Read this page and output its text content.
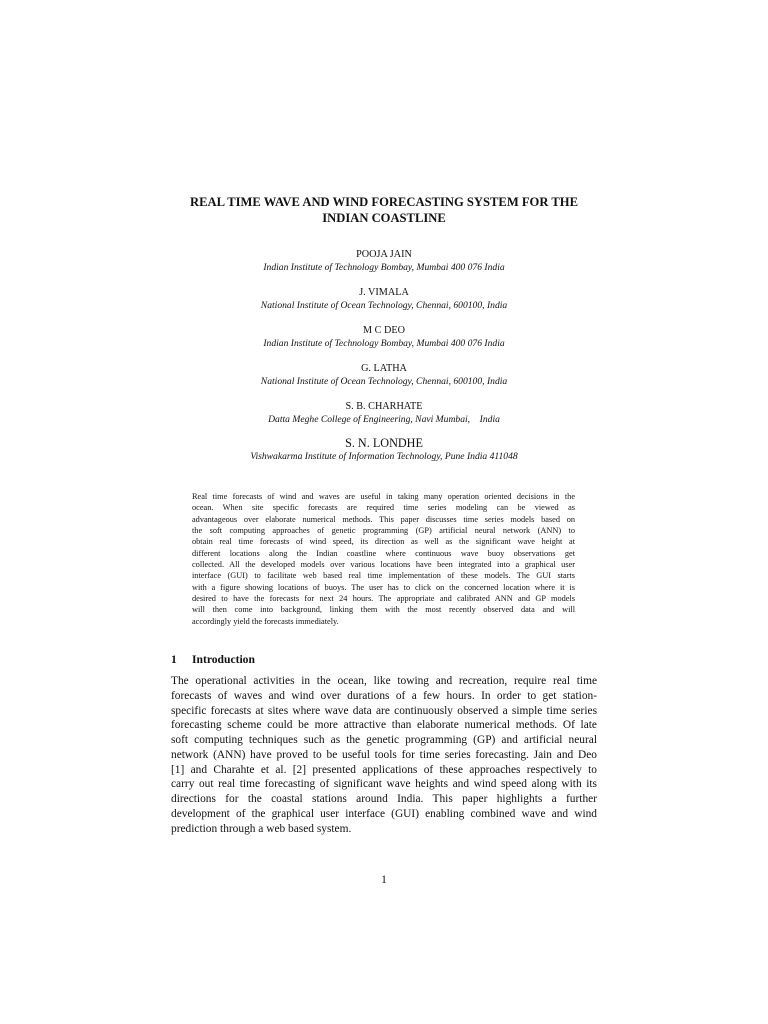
REAL TIME WAVE AND WIND FORECASTING SYSTEM FOR THE
INDIAN COASTLINE
POOJA JAIN
Indian Institute of Technology Bombay, Mumbai 400 076 India
J. VIMALA
National Institute of Ocean Technology, Chennai, 600100, India
M C DEO
Indian Institute of Technology Bombay, Mumbai 400 076 India
G. LATHA
National Institute of Ocean Technology, Chennai, 600100, India
S. B. CHARHATE
Datta Meghe College of Engineering, Navi Mumbai,    India
S. N. LONDHE
Vishwakarma Institute of Information Technology, Pune India 411048
Real time forecasts of wind and waves are useful in taking many operation oriented decisions in the
ocean. When site specific forecasts are required time series modeling can be viewed as
advantageous over elaborate numerical methods. This paper discusses time series models based on
the soft computing approaches of genetic programming (GP) artificial neural network (ANN) to
obtain real time forecasts of wind speed, its direction as well as the significant wave height at
different locations along the Indian coastline where continuous wave buoy observations get
collected. All the developed models over various locations have been integrated into a graphical user
interface (GUI) to facilitate web based real time implementation of these models. The GUI starts
with a figure showing locations of buoys. The user has to click on the concerned location where it is
desired to have the forecasts for next 24 hours. The appropriate and calibrated ANN and GP models
will then come into background, linking them with the most recently observed data and will
accordingly yield the forecasts immediately.
1 Introduction
The operational activities in the ocean, like towing and recreation, require real time
forecasts of waves and wind over durations of a few hours. In order to get station-
specific forecasts at sites where wave data are continuously observed a simple time series
forecasting scheme could be more attractive than elaborate numerical methods. Of late
soft computing techniques such as the genetic programming (GP) and artificial neural
network (ANN) have proved to be useful tools for time series forecasting. Jain and Deo
[1] and Charahte et al. [2] presented applications of these approaches respectively to
carry out real time forecasting of significant wave heights and wind speed along with its
directions for the coastal stations around India. This paper highlights a further
development of the graphical user interface (GUI) enabling combined wave and wind
prediction through a web based system.
1
